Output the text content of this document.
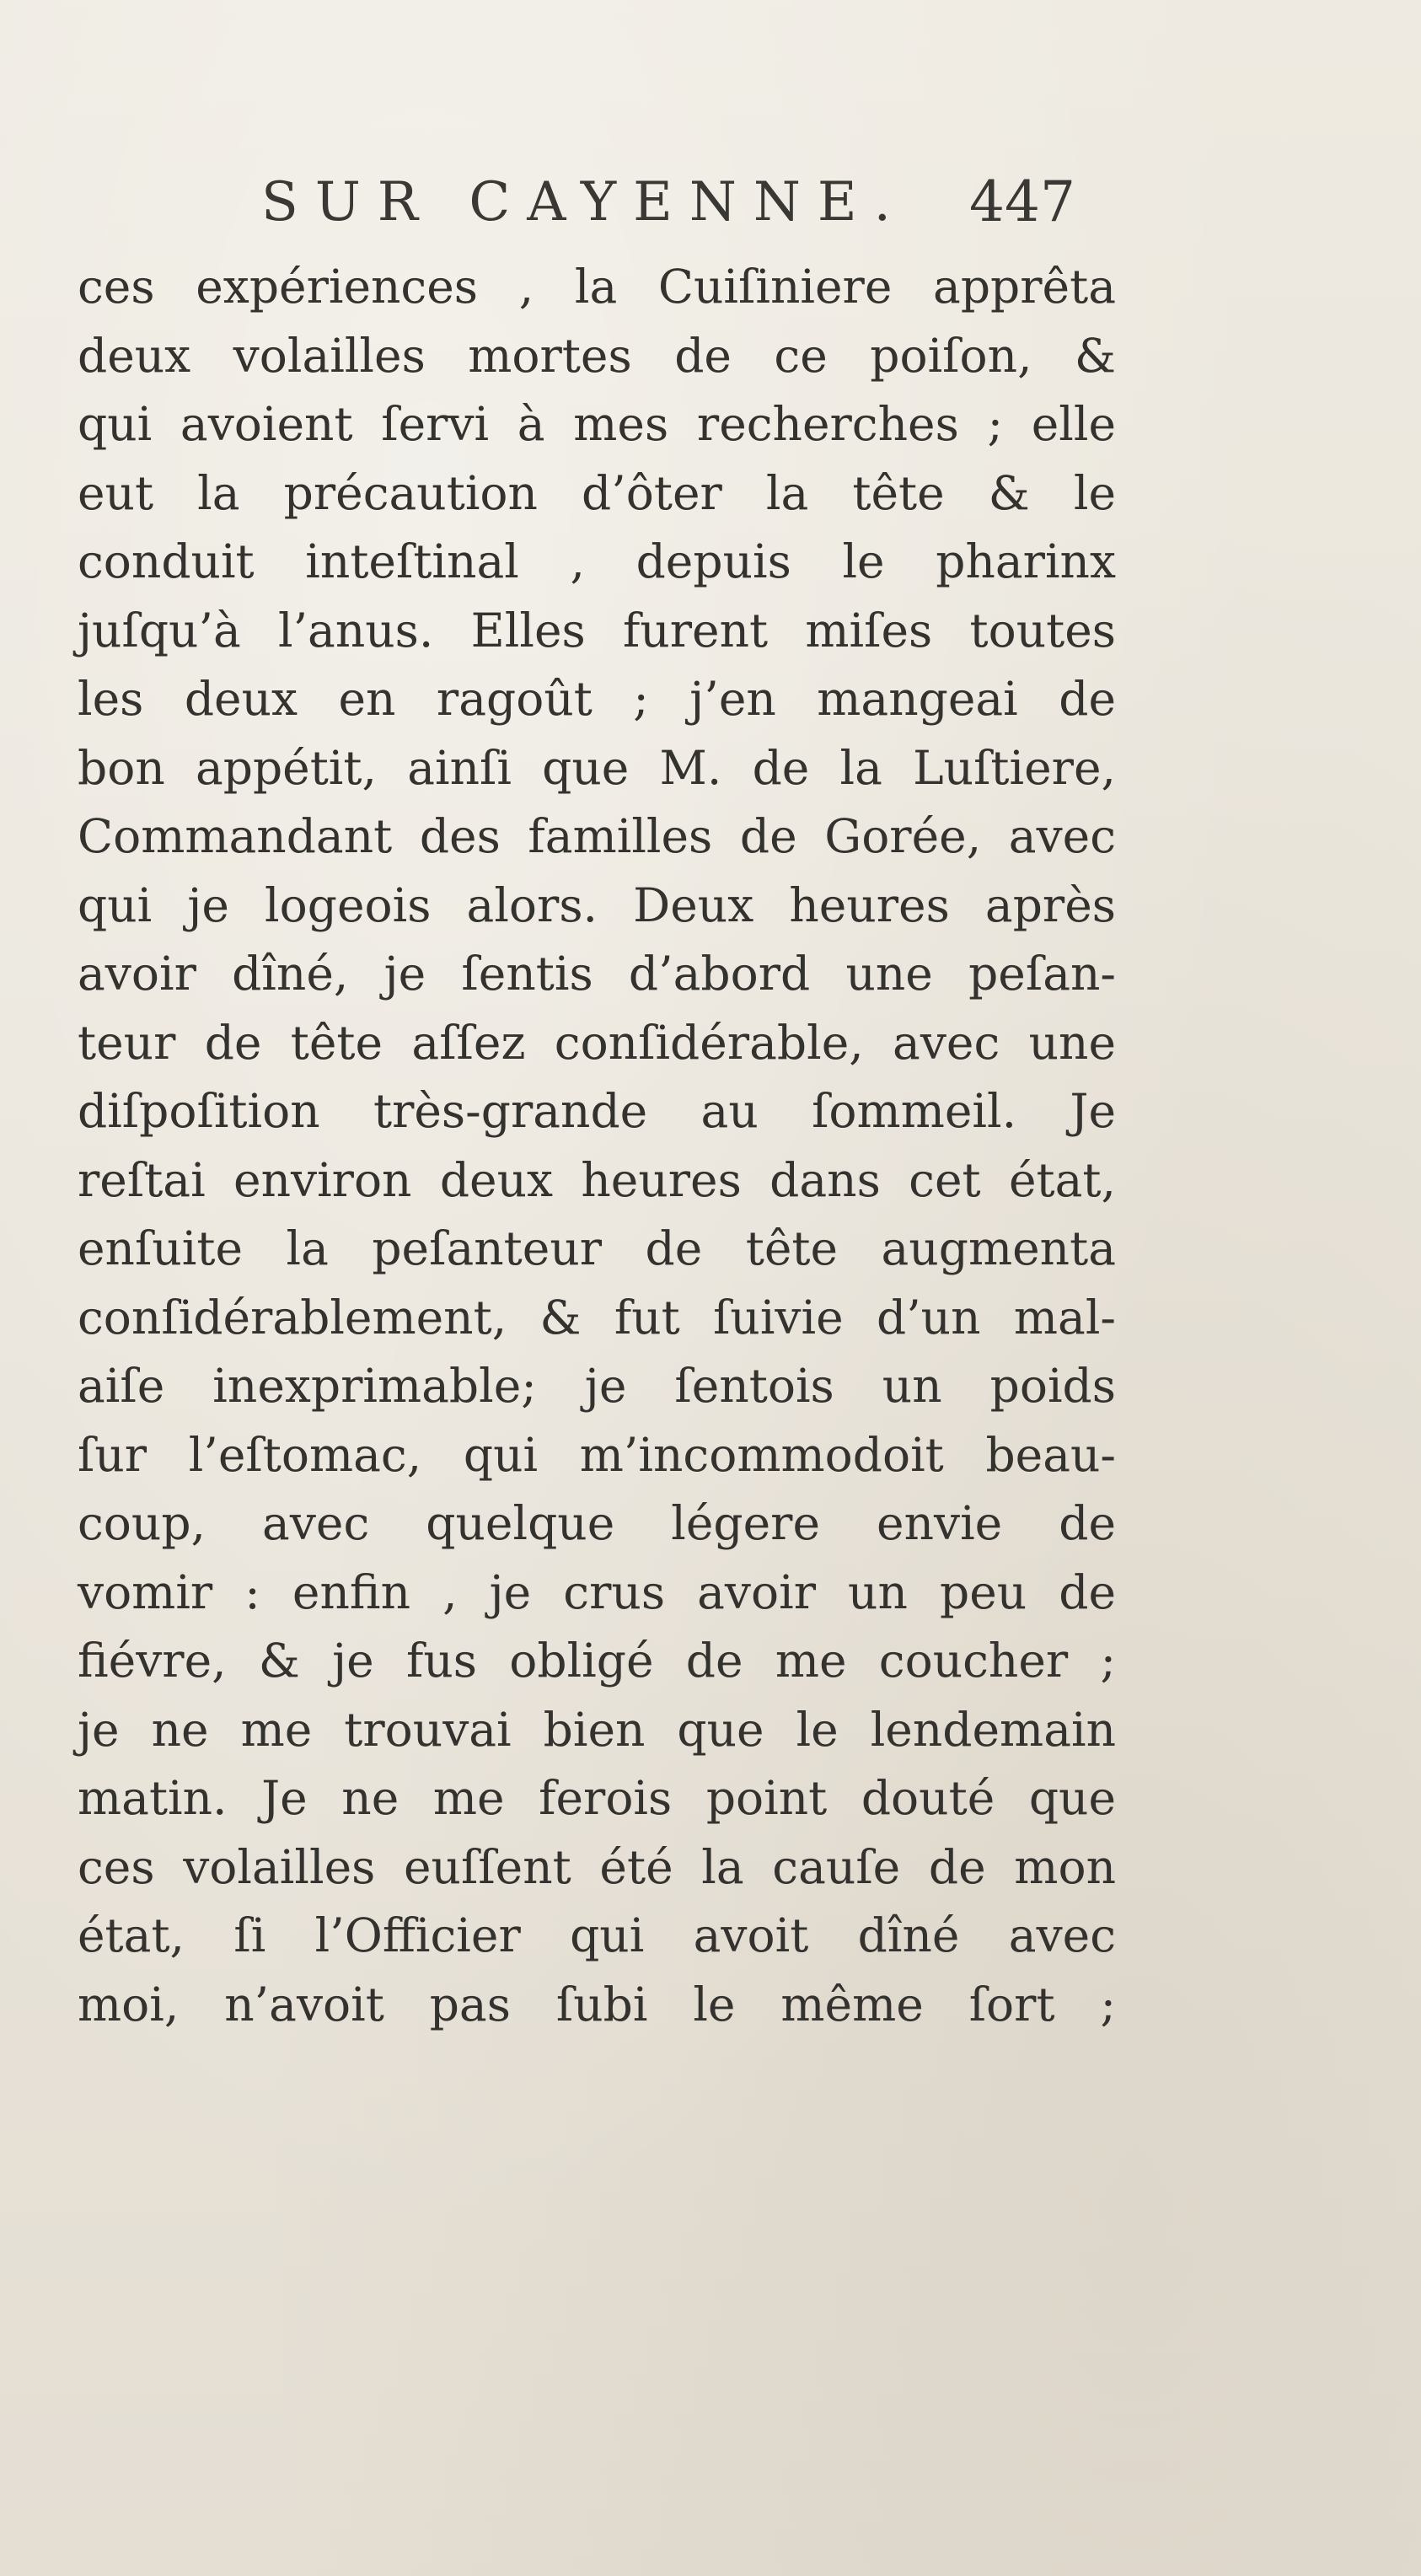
SUR CAYENNE. 447
ces expériences , la Cuiſiniere apprêta
deux volailles mortes de ce poiſon, &
qui avoient ſervi à mes recherches ; elle
eut la précaution d’ôter la tête & le
conduit inteſtinal , depuis le pharinx
juſqu’à l’anus. Elles furent miſes toutes
les deux en ragoût ; j’en mangeai de
bon appétit, ainſi que M. de la Luſtiere,
Commandant des familles de Gorée, avec
qui je logeois alors. Deux heures après
avoir dîné, je ſentis d’abord une peſan-
teur de tête aſſez conſidérable, avec une
diſpoſition très-grande au ſommeil. Je
reſtai environ deux heures dans cet état,
enſuite la peſanteur de tête augmenta
conſidérablement, & fut ſuivie d’un mal-
aiſe inexprimable; je ſentois un poids
ſur l’eſtomac, qui m’incommodoit beau-
coup, avec quelque légere envie de
vomir : enfin , je crus avoir un peu de
fiévre, & je fus obligé de me coucher ;
je ne me trouvai bien que le lendemain
matin. Je ne me ferois point douté que
ces volailles euſſent été la cauſe de mon
état, ſi l’Officier qui avoit dîné avec
moi, n’avoit pas ſubi le même ſort ;
